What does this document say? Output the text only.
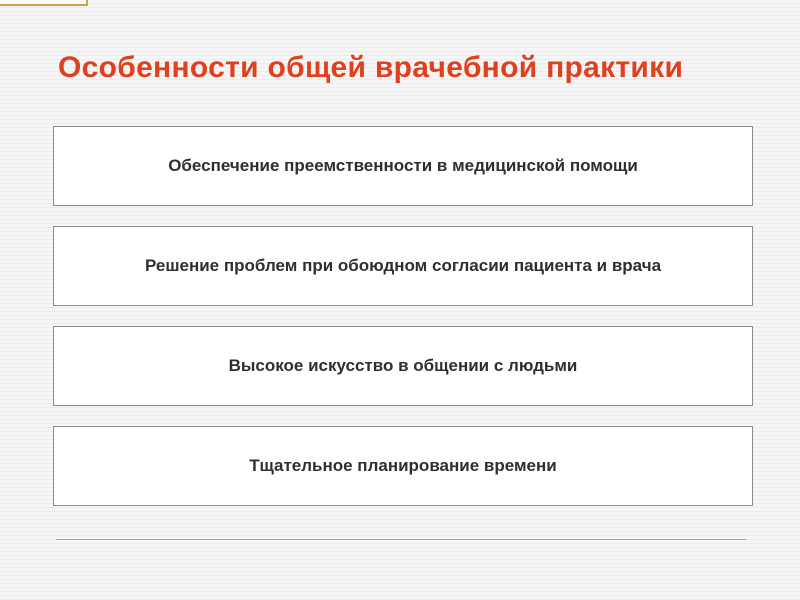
Особенности общей врачебной практики
Обеспечение преемственности в медицинской помощи
Решение проблем при обоюдном согласии пациента и врача
Высокое искусство в общении с людьми
Тщательное планирование времени
